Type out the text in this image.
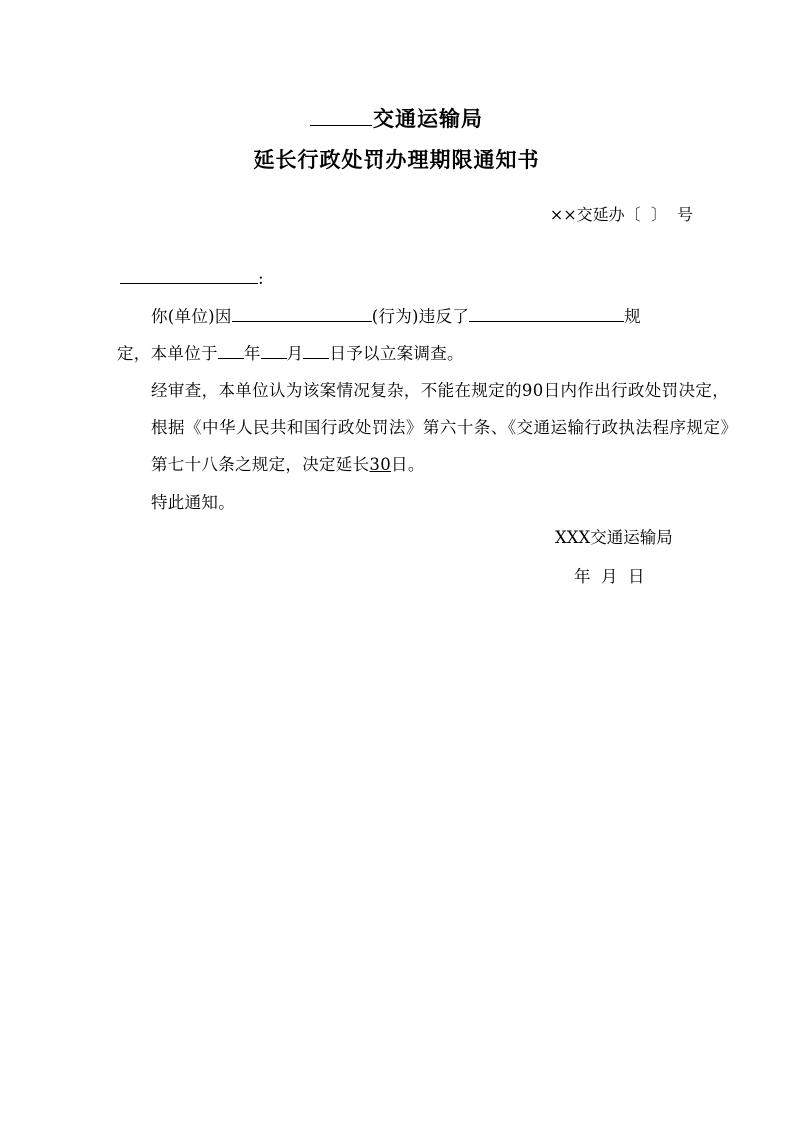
交通运输局
延长行政处罚办理期限通知书
××交延办〔  〕  号
:
你(单位)因	(行为)违反了	规
定，本单位于 年 月 日予以立案调查。
经审查，本单位认为该案情况复杂，不能在规定的90日内作出行政处罚决定，根据《中华人民共和国行政处罚法》第六十条、《交通运输行政执法程序规定》第七十八条之规定，决定延长30日。
特此通知。
XXX交通运输局
年  月  日
